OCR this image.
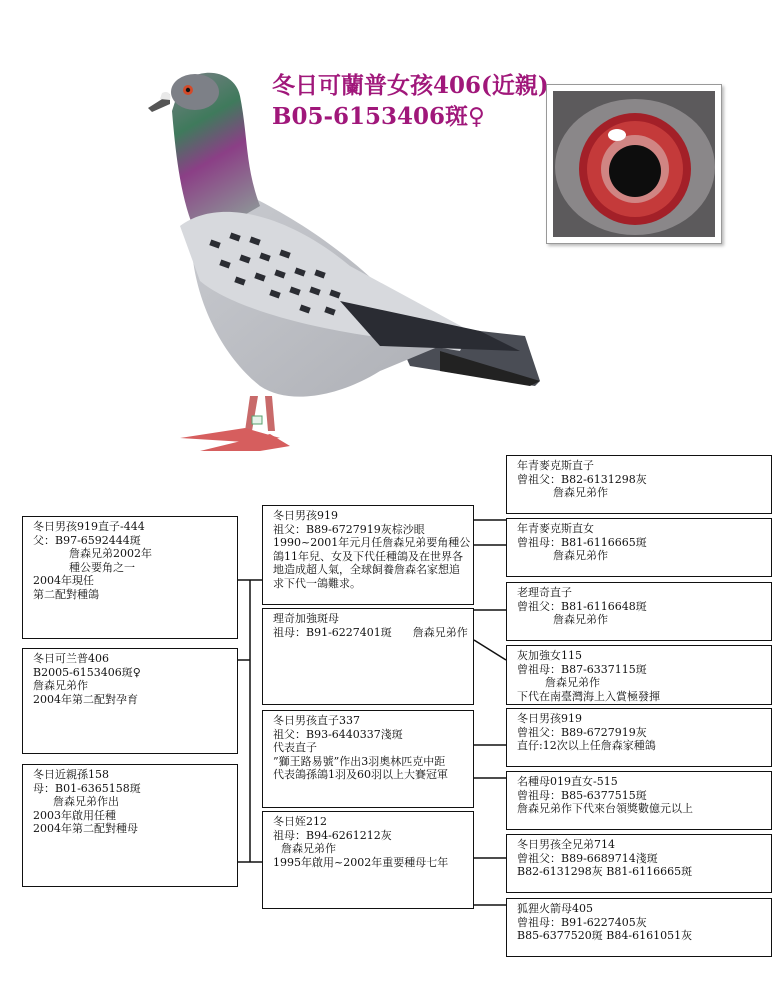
冬日可蘭普女孩406(近親)
B05-6153406斑♀
冬日男孩919直子-444
父：B97-6592444斑
詹森兄弟2002年
種公要角之一
2004年現任
第二配對種鴿
冬日可兰普406
B2005-6153406斑♀
詹森兄弟作
2004年第二配對孕育
冬日近親孫158
母：B01-6365158斑
詹森兄弟作出
2003年啟用任種
2004年第二配對種母
冬日男孩919
祖父：B89-6727919灰棕沙眼
1990~2001年元月任詹森兄弟要角種公
鴿11年兒、女及下代任種鴿及在世界各
地造成超人氣，全球飼養詹森名家想追
求下代一鴿難求。
理奇加強斑母
祖母：B91-6227401斑 詹森兄弟作
冬日男孩直子337
祖父：B93-6440337淺斑
代表直子
”獅王路易號”作出3羽奧林匹克中距
代表鴿孫鴿1羽及60羽以上大賽冠軍
冬日姪212
祖母：B94-6261212灰
詹森兄弟作
1995年啟用~2002年重要種母七年
年青麥克斯直子
曾祖父：B82-6131298灰
詹森兄弟作
年青麥克斯直女
曾祖母：B81-6116665斑
詹森兄弟作
老理奇直子
曾祖父：B81-6116648斑
詹森兄弟作
灰加強女115
曾祖母：B87-6337115斑
詹森兄弟作
下代在南臺灣海上入賞極發揮
冬日男孩919
曾祖父：B89-6727919灰
直仔:12次以上任詹森家種鴿
名種母019直女-515
曾祖母：B85-6377515斑
詹森兄弟作下代來台領獎數億元以上
冬日男孩全兄弟714
曾祖父：B89-6689714淺斑
B82-6131298灰 B81-6116665斑
狐狸火箭母405
曾祖母：B91-6227405灰
B85-6377520斑 B84-6161051灰
